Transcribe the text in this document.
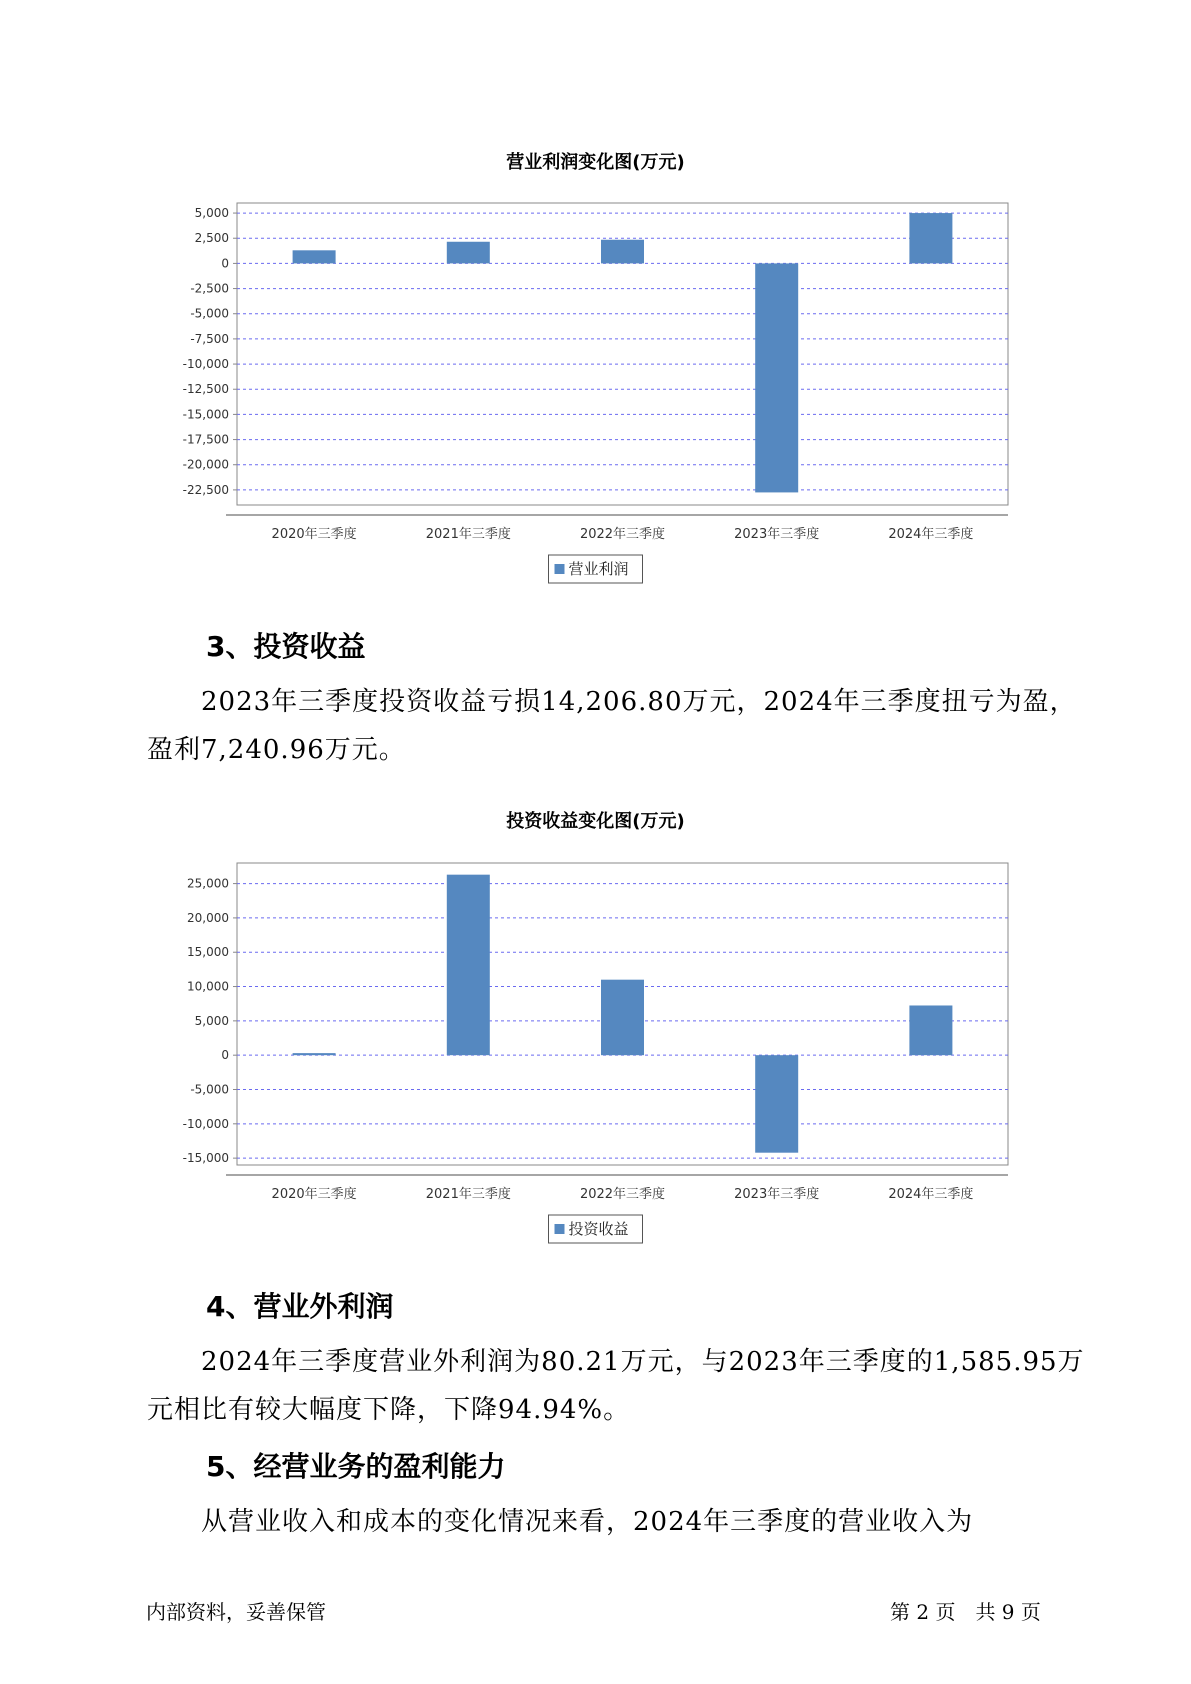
营业利润变化图(万元)
5,000
2,500
0
-2,500
-5,000
-7,500
-10,000
-12,500
-15,000
-17,500
-20,000
-22,500
2020年三季度	2021年三季度	2022年三季度	2023年三季度	2024年三季度
营业利润
3、投资收益
2023年三季度投资收益亏损14,206.80万元，2024年三季度扭亏为盈，
盈利7,240.96万元。
投资收益变化图(万元)
25,000
20,000
15,000
10,000
5,000
0
-5,000
-10,000
-15,000
2020年三季度	2021年三季度	2022年三季度	2023年三季度	2024年三季度
投资收益
4、营业外利润
2024年三季度营业外利润为80.21万元，与2023年三季度的1,585.95万
元相比有较大幅度下降，下降94.94%。
5、经营业务的盈利能力
从营业收入和成本的变化情况来看，2024年三季度的营业收入为
内部资料，妥善保管	第 2 页　共 9 页
